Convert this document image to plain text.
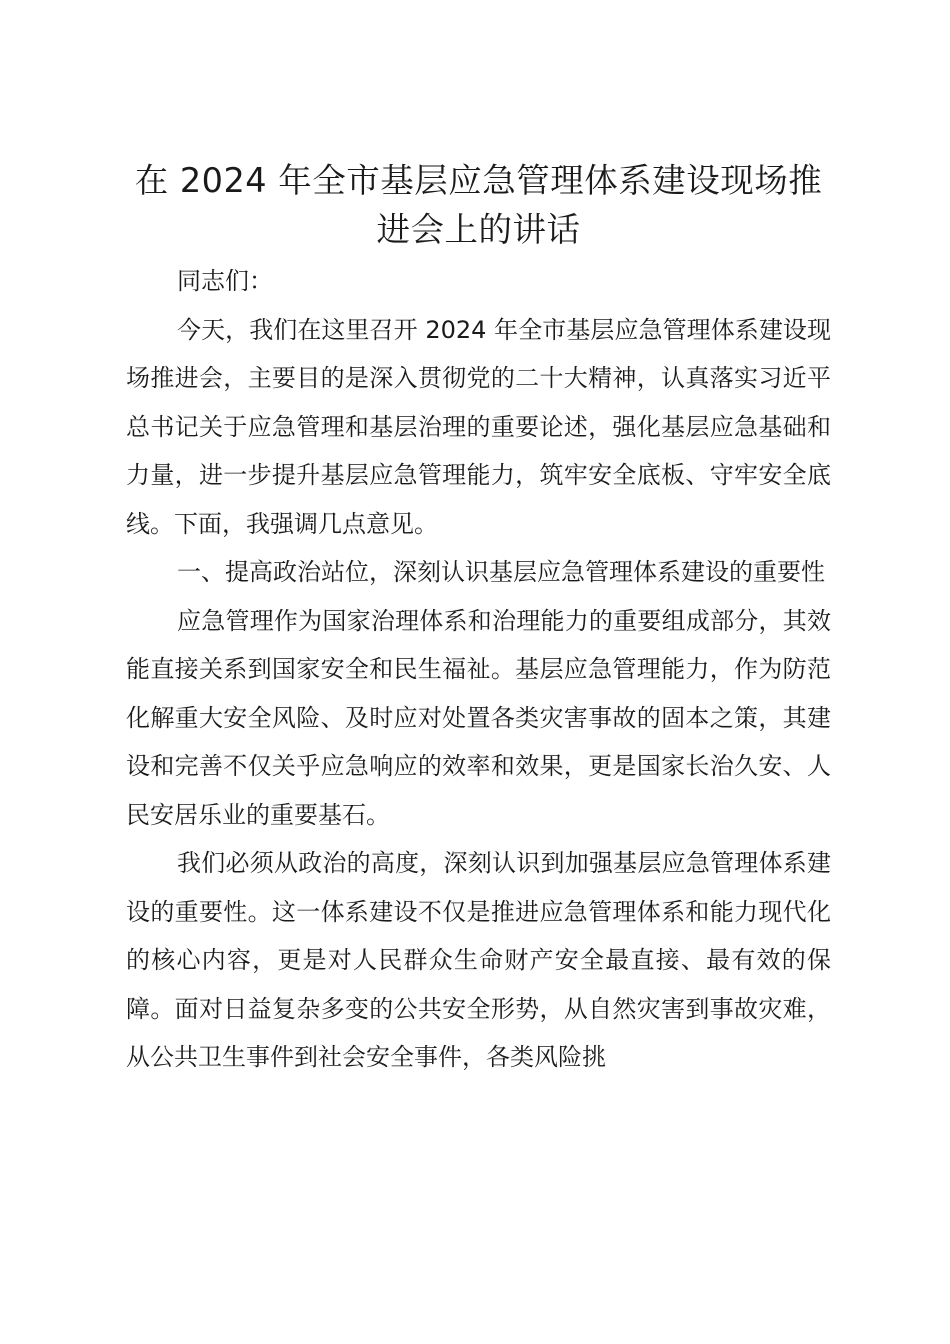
在 2024 年全市基层应急管理体系建设现场推进会上的讲话

同志们：

今天，我们在这里召开 2024 年全市基层应急管理体系建设现场推进会，主要目的是深入贯彻党的二十大精神，认真落实习近平总书记关于应急管理和基层治理的重要论述，强化基层应急基础和力量，进一步提升基层应急管理能力，筑牢安全底板、守牢安全底线。下面，我强调几点意见。

一、提高政治站位，深刻认识基层应急管理体系建设的重要性

应急管理作为国家治理体系和治理能力的重要组成部分，其效能直接关系到国家安全和民生福祉。基层应急管理能力，作为防范化解重大安全风险、及时应对处置各类灾害事故的固本之策，其建设和完善不仅关乎应急响应的效率和效果，更是国家长治久安、人民安居乐业的重要基石。

我们必须从政治的高度，深刻认识到加强基层应急管理体系建设的重要性。这一体系建设不仅是推进应急管理体系和能力现代化的核心内容，更是对人民群众生命财产安全最直接、最有效的保障。面对日益复杂多变的公共安全形势，从自然灾害到事故灾难，从公共卫生事件到社会安全事件，各类风险挑
